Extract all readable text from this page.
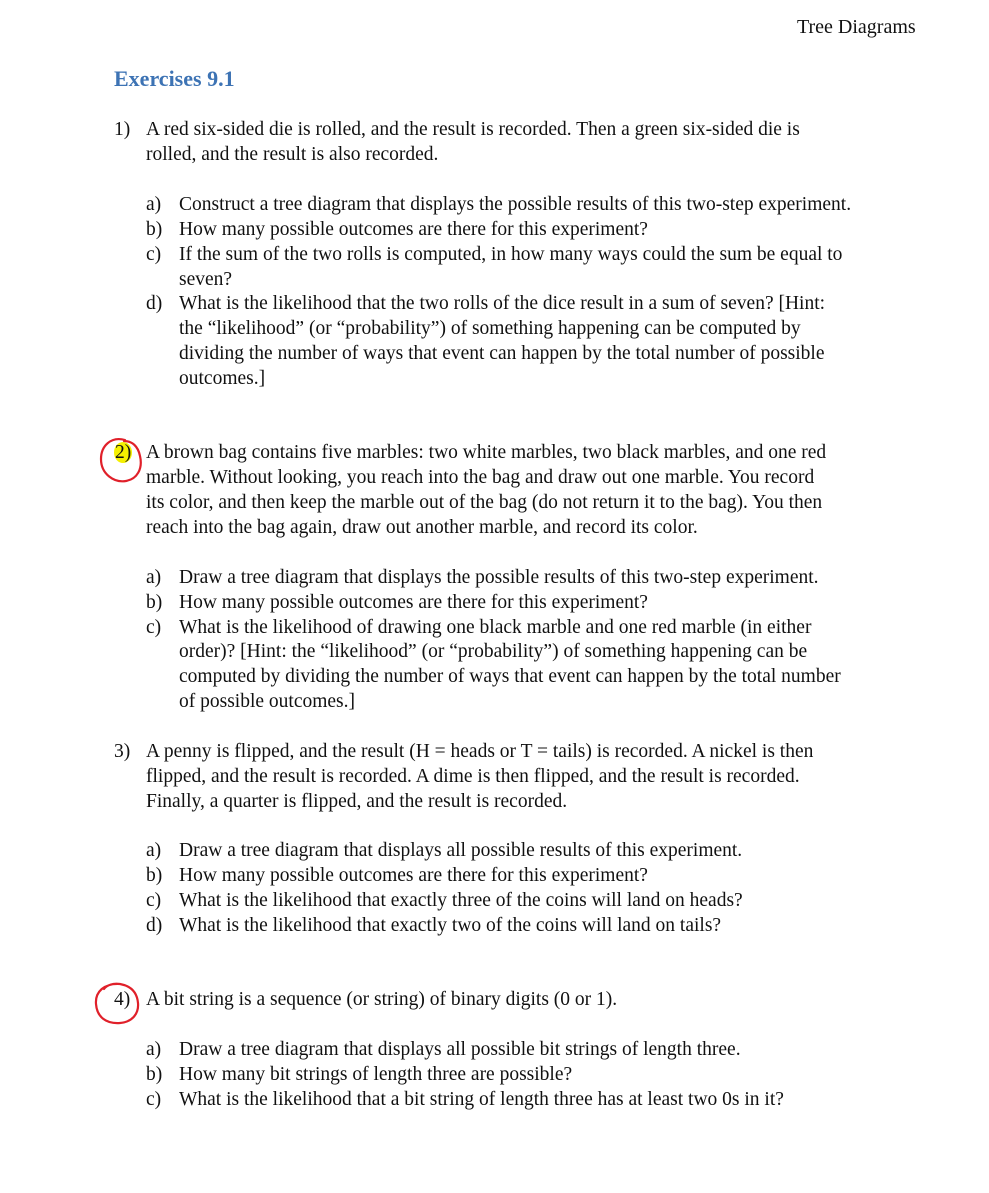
Tree Diagrams
Exercises 9.1
1) A red six-sided die is rolled, and the result is recorded. Then a green six-sided die is
rolled, and the result is also recorded.
a) Construct a tree diagram that displays the possible results of this two-step experiment.
b) How many possible outcomes are there for this experiment?
c) If the sum of the two rolls is computed, in how many ways could the sum be equal to
seven?
d) What is the likelihood that the two rolls of the dice result in a sum of seven? [Hint:
the “likelihood” (or “probability”) of something happening can be computed by
dividing the number of ways that event can happen by the total number of possible
outcomes.]
2) A brown bag contains five marbles: two white marbles, two black marbles, and one red
marble. Without looking, you reach into the bag and draw out one marble. You record
its color, and then keep the marble out of the bag (do not return it to the bag). You then
reach into the bag again, draw out another marble, and record its color.
a) Draw a tree diagram that displays the possible results of this two-step experiment.
b) How many possible outcomes are there for this experiment?
c) What is the likelihood of drawing one black marble and one red marble (in either
order)? [Hint: the “likelihood” (or “probability”) of something happening can be
computed by dividing the number of ways that event can happen by the total number
of possible outcomes.]
3) A penny is flipped, and the result (H = heads or T = tails) is recorded. A nickel is then
flipped, and the result is recorded. A dime is then flipped, and the result is recorded.
Finally, a quarter is flipped, and the result is recorded.
a) Draw a tree diagram that displays all possible results of this experiment.
b) How many possible outcomes are there for this experiment?
c) What is the likelihood that exactly three of the coins will land on heads?
d) What is the likelihood that exactly two of the coins will land on tails?
4) A bit string is a sequence (or string) of binary digits (0 or 1).
a) Draw a tree diagram that displays all possible bit strings of length three.
b) How many bit strings of length three are possible?
c) What is the likelihood that a bit string of length three has at least two 0s in it?
